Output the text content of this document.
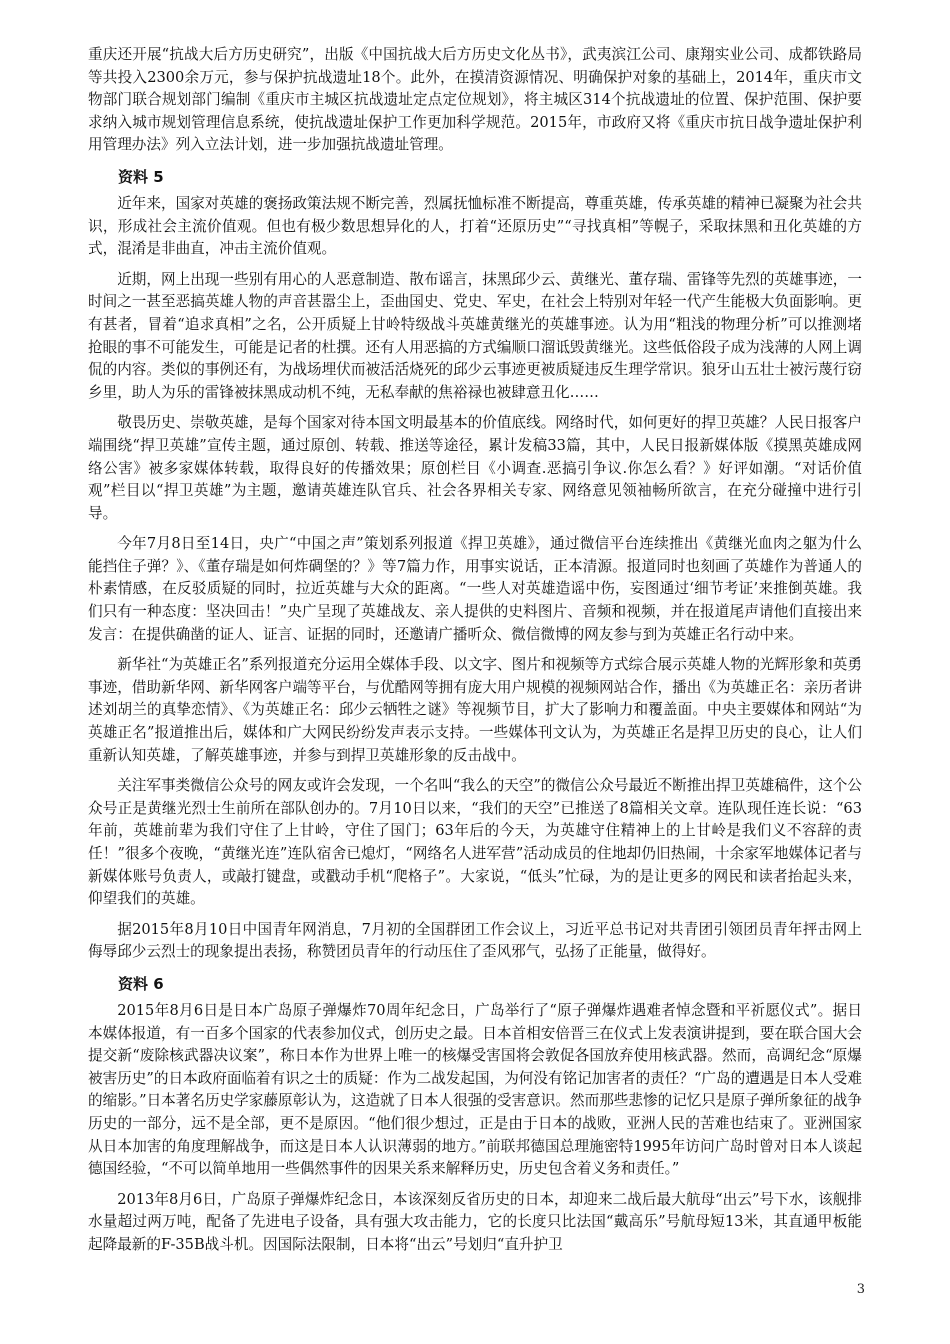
重庆还开展“抗战大后方历史研究”，出版《中国抗战大后方历史文化丛书》，武夷滨江公司、康翔实业公司、成都铁路局等共投入2300余万元，参与保护抗战遗址18个。此外，在摸清资源情况、明确保护对象的基础上，2014年，重庆市文物部门联合规划部门编制《重庆市主城区抗战遗址定点定位规划》，将主城区314个抗战遗址的位置、保护范围、保护要求纳入城市规划管理信息系统，使抗战遗址保护工作更加科学规范。2015年，市政府又将《重庆市抗日战争遗址保护利用管理办法》列入立法计划，进一步加强抗战遗址管理。

资料 5

近年来，国家对英雄的褒扬政策法规不断完善，烈属抚恤标准不断提高，尊重英雄，传承英雄的精神已凝聚为社会共识，形成社会主流价值观。但也有极少数思想异化的人，打着“还原历史”“寻找真相”等幌子，采取抹黑和丑化英雄的方式，混淆是非曲直，冲击主流价值观。

近期，网上出现一些别有用心的人恶意制造、散布谣言，抹黑邱少云、黄继光、董存瑞、雷锋等先烈的英雄事迹，一时间之一甚至恶搞英雄人物的声音甚嚣尘上，歪曲国史、党史、军史，在社会上特别对年轻一代产生能极大负面影响。更有甚者，冒着“追求真相”之名，公开质疑上甘岭特级战斗英雄黄继光的英雄事迹。认为用“粗浅的物理分析”可以推测堵抢眼的事不可能发生，可能是记者的杜撰。还有人用恶搞的方式编顺口溜诋毁黄继光。这些低俗段子成为浅薄的人网上调侃的内容。类似的事例还有，为战场埋伏而被活活烧死的邱少云事迹更被质疑违反生理学常识。狼牙山五壮士被污蔑行窃乡里，助人为乐的雷锋被抹黑成动机不纯，无私奉献的焦裕禄也被肆意丑化……

敬畏历史、崇敬英雄，是每个国家对待本国文明最基本的价值底线。网络时代，如何更好的捍卫英雄？人民日报客户端围绕“捍卫英雄”宣传主题，通过原创、转载、推送等途径，累计发稿33篇，其中，人民日报新媒体版《摸黑英雄成网络公害》被多家媒体转载，取得良好的传播效果；原创栏目《小调查.恶搞引争议.你怎么看？》好评如潮。“对话价值观”栏目以“捍卫英雄”为主题，邀请英雄连队官兵、社会各界相关专家、网络意见领袖畅所欲言，在充分碰撞中进行引导。

今年7月8日至14日，央广“中国之声”策划系列报道《捍卫英雄》，通过微信平台连续推出《黄继光血肉之躯为什么能挡住子弹？》、《董存瑞是如何炸碉堡的？》等7篇力作，用事实说话，正本清源。报道同时也刻画了英雄作为普通人的朴素情感，在反驳质疑的同时，拉近英雄与大众的距离。“一些人对英雄造谣中伤，妄图通过‘细节考证’来推倒英雄。我们只有一种态度：坚决回击！”央广呈现了英雄战友、亲人提供的史料图片、音频和视频，并在报道尾声请他们直接出来发言：在提供确凿的证人、证言、证据的同时，还邀请广播听众、微信微博的网友参与到为英雄正名行动中来。

新华社“为英雄正名”系列报道充分运用全媒体手段、以文字、图片和视频等方式综合展示英雄人物的光辉形象和英勇事迹，借助新华网、新华网客户端等平台，与优酷网等拥有庞大用户规模的视频网站合作，播出《为英雄正名：亲历者讲述刘胡兰的真挚恋情》、《为英雄正名：邱少云牺牲之谜》等视频节目，扩大了影响力和覆盖面。中央主要媒体和网站“为英雄正名”报道推出后，媒体和广大网民纷纷发声表示支持。一些媒体刊文认为，为英雄正名是捍卫历史的良心，让人们重新认知英雄，了解英雄事迹，并参与到捍卫英雄形象的反击战中。

关注军事类微信公众号的网友或许会发现，一个名叫“我么的天空”的微信公众号最近不断推出捍卫英雄稿件，这个公众号正是黄继光烈士生前所在部队创办的。7月10日以来，“我们的天空”已推送了8篇相关文章。连队现任连长说：“63年前，英雄前辈为我们守住了上甘岭，守住了国门；63年后的今天，为英雄守住精神上的上甘岭是我们义不容辞的责任！”很多个夜晚，“黄继光连”连队宿舍已熄灯，“网络名人进军营”活动成员的住地却仍旧热闹，十余家军地媒体记者与新媒体账号负责人，或敲打键盘，或戳动手机“爬格子”。大家说，“低头”忙碌，为的是让更多的网民和读者抬起头来，仰望我们的英雄。

据2015年8月10日中国青年网消息，7月初的全国群团工作会议上，习近平总书记对共青团引领团员青年抨击网上侮辱邱少云烈士的现象提出表扬，称赞团员青年的行动压住了歪风邪气，弘扬了正能量，做得好。

资料 6

2015年8月6日是日本广岛原子弹爆炸70周年纪念日，广岛举行了“原子弹爆炸遇难者悼念暨和平祈愿仪式”。据日本媒体报道，有一百多个国家的代表参加仪式，创历史之最。日本首相安倍晋三在仪式上发表演讲提到，要在联合国大会提交新“废除核武器决议案”，称日本作为世界上唯一的核爆受害国将会敦促各国放弃使用核武器。然而，高调纪念“原爆被害历史”的日本政府面临着有识之士的质疑：作为二战发起国，为何没有铭记加害者的责任？“广岛的遭遇是日本人受难的缩影。”日本著名历史学家藤原彰认为，这造就了日本人很强的受害意识。然而那些悲惨的记忆只是原子弹所象征的战争历史的一部分，远不是全部，更不是原因。“他们很少想过，正是由于日本的战败，亚洲人民的苦难也结束了。亚洲国家从日本加害的角度理解战争，而这是日本人认识薄弱的地方。”前联邦德国总理施密特1995年访问广岛时曾对日本人谈起德国经验，“不可以简单地用一些偶然事件的因果关系来解释历史，历史包含着义务和责任。”

2013年8月6日，广岛原子弹爆炸纪念日，本该深刻反省历史的日本，却迎来二战后最大航母“出云”号下水，该舰排水量超过两万吨，配备了先进电子设备，具有强大攻击能力，它的长度只比法国“戴高乐”号航母短13米，其直通甲板能起降最新的F-35B战斗机。因国际法限制，日本将“出云”号划归“直升护卫

3
